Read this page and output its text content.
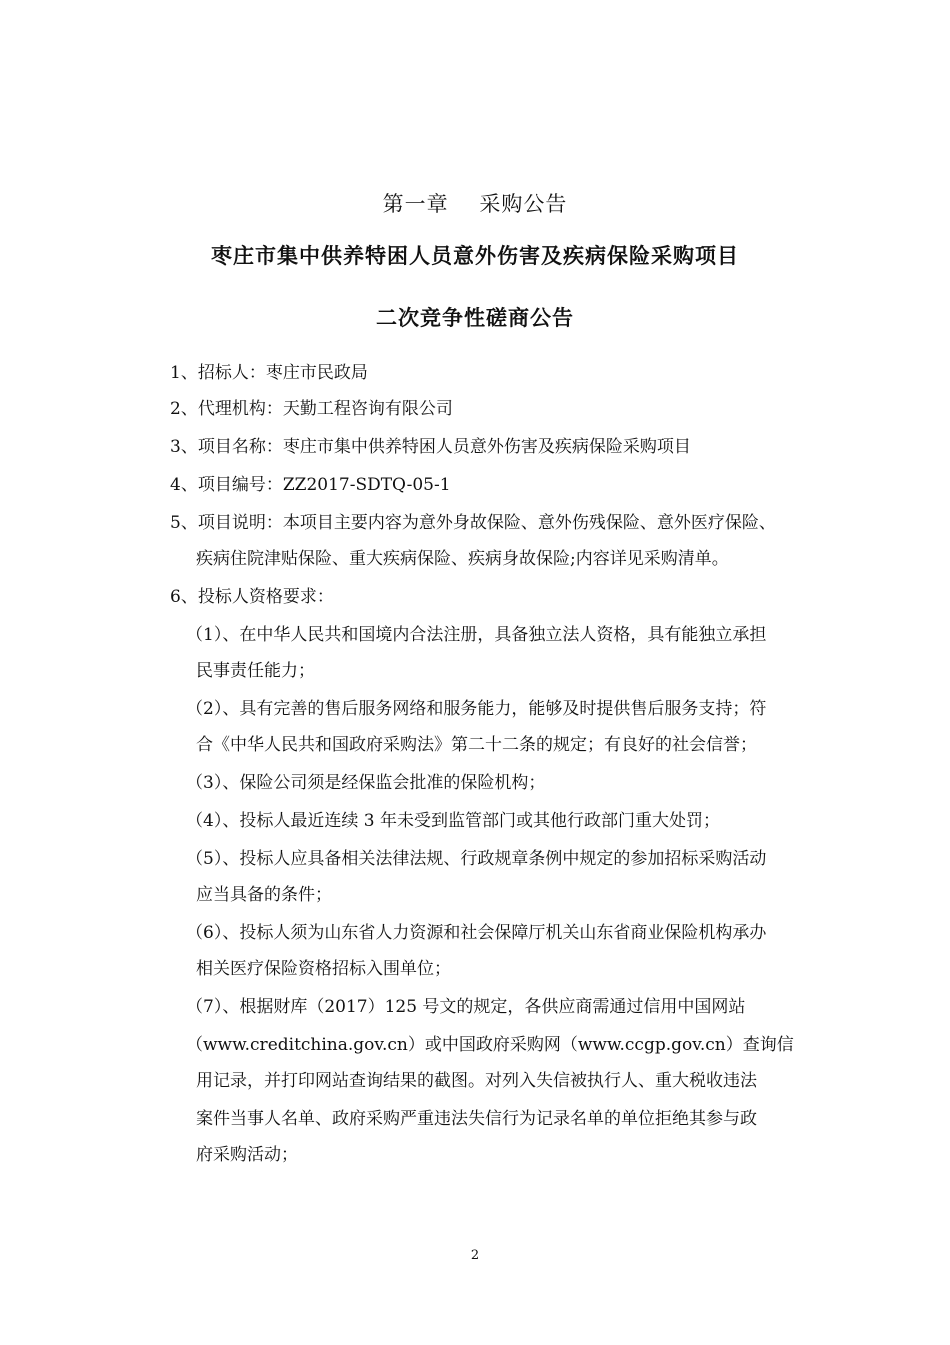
第一章    采购公告
枣庄市集中供养特困人员意外伤害及疾病保险采购项目
二次竞争性磋商公告
1、招标人：枣庄市民政局
2、代理机构：天勤工程咨询有限公司
3、项目名称：枣庄市集中供养特困人员意外伤害及疾病保险采购项目
4、项目编号：ZZ2017-SDTQ-05-1
5、项目说明：本项目主要内容为意外身故保险、意外伤残保险、意外医疗保险、
疾病住院津贴保险、重大疾病保险、疾病身故保险;内容详见采购清单。
6、投标人资格要求：
（1）、在中华人民共和国境内合法注册，具备独立法人资格，具有能独立承担
民事责任能力；
（2）、具有完善的售后服务网络和服务能力，能够及时提供售后服务支持；符
合《中华人民共和国政府采购法》第二十二条的规定；有良好的社会信誉；
（3）、保险公司须是经保监会批准的保险机构；
（4）、投标人最近连续 3 年未受到监管部门或其他行政部门重大处罚；
（5）、投标人应具备相关法律法规、行政规章条例中规定的参加招标采购活动
应当具备的条件；
（6）、投标人须为山东省人力资源和社会保障厅机关山东省商业保险机构承办
相关医疗保险资格招标入围单位；
（7）、根据财库（2017）125 号文的规定，各供应商需通过信用中国网站
（www.creditchina.gov.cn）或中国政府采购网（www.ccgp.gov.cn）查询信
用记录，并打印网站查询结果的截图。对列入失信被执行人、重大税收违法
案件当事人名单、政府采购严重违法失信行为记录名单的单位拒绝其参与政
府采购活动；
2
